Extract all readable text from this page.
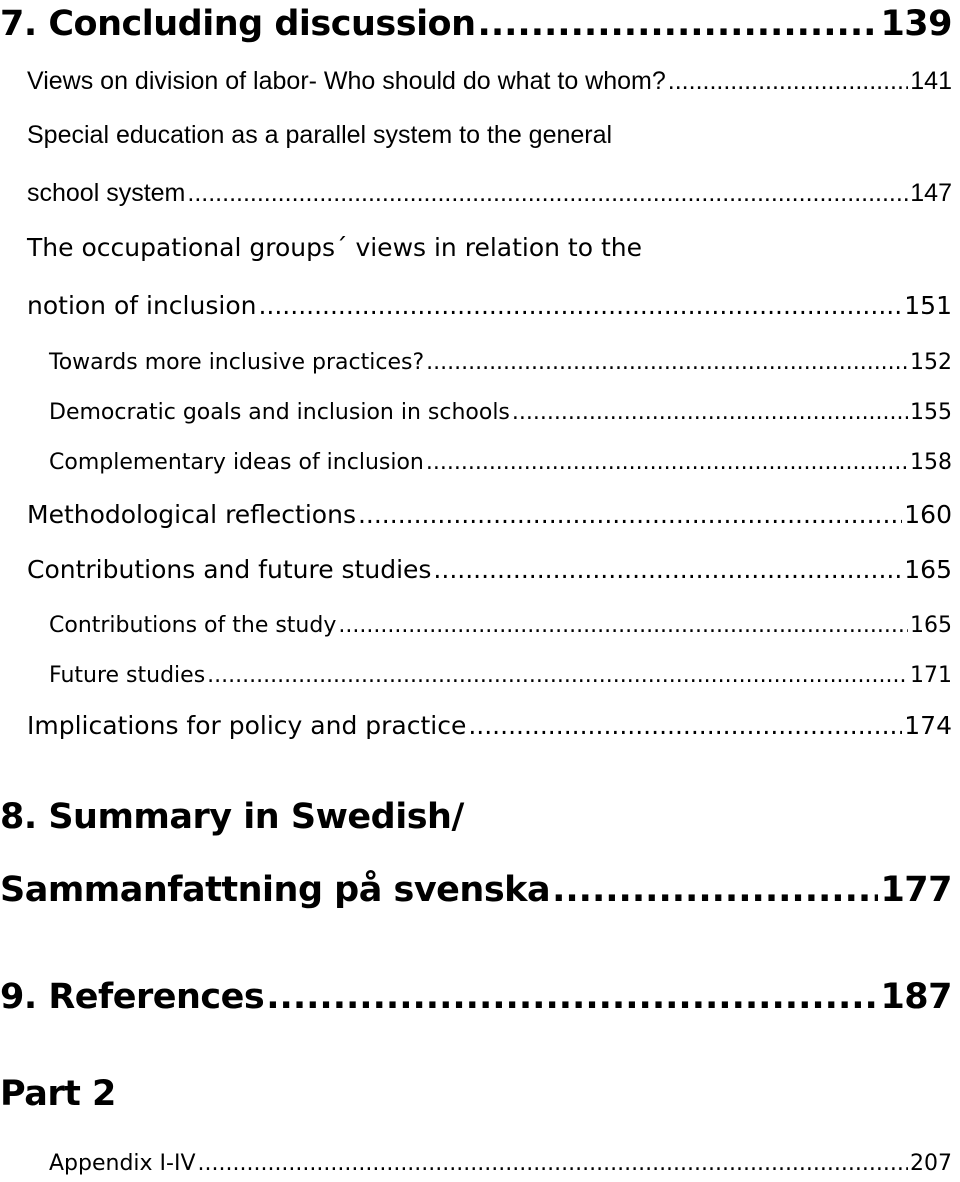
7. Concluding discussion .....	139
Views on division of labor- Who should do what to whom? .....	141
Special education as a parallel system to the general
school system .....	147
The occupational groups´ views in relation to the
notion of inclusion .....	151
Towards more inclusive practices? .....	152
Democratic goals and inclusion in schools .....	155
Complementary ideas of inclusion .....	158
Methodological reflections .....	160
Contributions and future studies .....	165
Contributions of the study .....	165
Future studies .....	171
Implications for policy and practice .....	174
8. Summary in Swedish/
Sammanfattning på svenska .....	177
9. References .....	187
Part 2
Appendix I-IV .....	207
